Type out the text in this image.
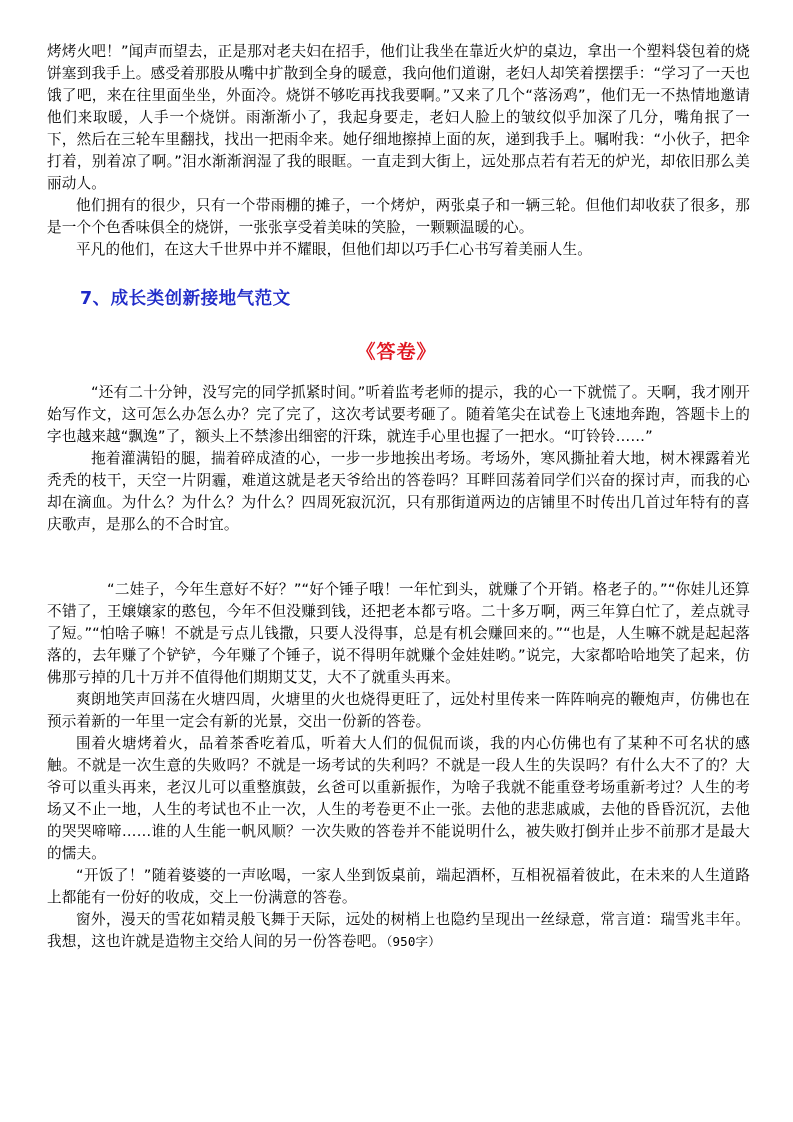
烤烤火吧！”闻声而望去，正是那对老夫妇在招手，他们让我坐在靠近火炉的桌边，拿出一个塑料袋包着的烧饼塞到我手上。感受着那股从嘴中扩散到全身的暖意，我向他们道谢，老妇人却笑着摆摆手：“学习了一天也饿了吧，来在往里面坐坐，外面冷。烧饼不够吃再找我要啊。”又来了几个“落汤鸡”，他们无一不热情地邀请他们来取暖，人手一个烧饼。雨渐渐小了，我起身要走，老妇人脸上的皱纹似乎加深了几分，嘴角抿了一下，然后在三轮车里翻找，找出一把雨伞来。她仔细地擦掉上面的灰，递到我手上。嘱咐我：“小伙子，把伞打着，别着凉了啊。”泪水渐渐润湿了我的眼眶。一直走到大街上，远处那点若有若无的炉光，却依旧那么美丽动人。

他们拥有的很少，只有一个带雨棚的摊子，一个烤炉，两张桌子和一辆三轮。但他们却收获了很多，那是一个个色香味俱全的烧饼，一张张享受着美味的笑脸，一颗颗温暖的心。

平凡的他们，在这大千世界中并不耀眼，但他们却以巧手仁心书写着美丽人生。

7、成长类创新接地气范文
《答卷》

“还有二十分钟，没写完的同学抓紧时间。”听着监考老师的提示，我的心一下就慌了。天啊，我才刚开始写作文，这可怎么办怎么办？完了完了，这次考试要考砸了。随着笔尖在试卷上飞速地奔跑，答题卡上的字也越来越“飘逸”了，额头上不禁渗出细密的汗珠，就连手心里也握了一把水。“叮铃铃……”

拖着灌满铅的腿，揣着碎成渣的心，一步一步地挨出考场。考场外，寒风撕扯着大地，树木裸露着光秃秃的枝干，天空一片阴霾，难道这就是老天爷给出的答卷吗？耳畔回荡着同学们兴奋的探讨声，而我的心却在滴血。为什么？为什么？为什么？四周死寂沉沉，只有那街道两边的店铺里不时传出几首过年特有的喜庆歌声，是那么的不合时宜。

“二娃子，今年生意好不好？”“好个锤子哦！一年忙到头，就赚了个开销。格老子的。”“你娃儿还算不错了，王嬢嬢家的憨包，今年不但没赚到钱，还把老本都亏咯。二十多万啊，两三年算白忙了，差点就寻了短。”“怕啥子嘛！不就是亏点儿钱撒，只要人没得事，总是有机会赚回来的。”“也是，人生嘛不就是起起落落的，去年赚了个铲铲，今年赚了个锤子，说不得明年就赚个金娃娃哟。”说完，大家都哈哈地笑了起来，仿佛那亏掉的几十万并不值得他们期期艾艾，大不了就重头再来。

爽朗地笑声回荡在火塘四周，火塘里的火也烧得更旺了，远处村里传来一阵阵响亮的鞭炮声，仿佛也在预示着新的一年里一定会有新的光景，交出一份新的答卷。

围着火塘烤着火，品着茶香吃着瓜，听着大人们的侃侃而谈，我的内心仿佛也有了某种不可名状的感触。不就是一次生意的失败吗？不就是一场考试的失利吗？不就是一段人生的失误吗？有什么大不了的？大爷可以重头再来，老汉儿可以重整旗鼓，幺爸可以重新振作，为啥子我就不能重登考场重新考过？人生的考场又不止一地，人生的考试也不止一次，人生的考卷更不止一张。去他的悲悲戚戚，去他的昏昏沉沉，去他的哭哭啼啼……谁的人生能一帆风顺？一次失败的答卷并不能说明什么，被失败打倒并止步不前那才是最大的懦夫。

“开饭了！”随着婆婆的一声吆喝，一家人坐到饭桌前，端起酒杯，互相祝福着彼此，在未来的人生道路上都能有一份好的收成，交上一份满意的答卷。

窗外，漫天的雪花如精灵般飞舞于天际，远处的树梢上也隐约呈现出一丝绿意，常言道：瑞雪兆丰年。我想，这也许就是造物主交给人间的另一份答卷吧。（950字）
